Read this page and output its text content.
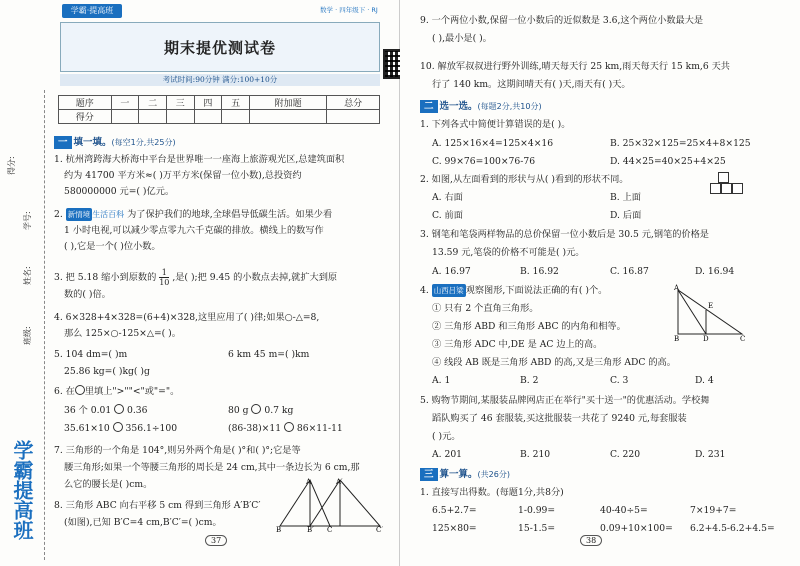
得分:
学号:
姓名:
班级:
学霸提高班
学霸·提高班	数学 · 四年级下 · RJ
期末提优测试卷
考试时间:90分钟 满分:100+10分
题序	一	二	三	四	五	附加题	总分
得分							
一 填一填。(每空1分,共25分)
1. 杭州湾跨海大桥海中平台是世界唯一一座海上旅游观光区,总建筑面积
约为 41700 平方米≈( )万平方米(保留一位小数),总投资约
580000000 元=( )亿元。
2. 新情境 生活百科 为了保护我们的地球,全球倡导低碳生活。如果少看
1 小时电视,可以减少零点零九六千克碳的排放。横线上的数写作
( ),它是一个( )位小数。
3. 把 5.18 缩小到原数的 $\frac{1}{10}$ ,是( );把 9.45 的小数点去掉,就扩大到原
数的( )倍。
4. 6×328+4×328=(6+4)×328,这里应用了( )律;如果○-△=8,
那么 125×○-125×△=( )。
5. 104 dm=( )m	6 km 45 m=( )km
25.86 kg=( )kg( )g
6. 在 里填上">""<"或"="。
36 个 0.01 0.36	80 g 0.7 kg
35.61×10 356.1÷100	(86-38)×11 86×11-11
7. 三角形的一个角是 104°,则另外两个角是( )°和( )°;它是等
腰三角形;如果一个等腰三角形的周长是 24 cm,其中一条边长为 6 cm,那
么它的腰长是( )cm。
8. 三角形 ABC 向右平移 5 cm 得到三角形 A′B′C′
(如图),已知 B′C=4 cm,B′C′=( )cm。
A	A′
B	B′ C	C′
37
9. 一个两位小数,保留一位小数后的近似数是 3.6,这个两位小数最大是
( ),最小是( )。
10. 解放军叔叔进行野外训练,晴天每天行 25 km,雨天每天行 15 km,6 天共
行了 140 km。这期间晴天有( )天,雨天有( )天。
二 选一选。(每题2分,共10分)
1. 下列各式中简便计算错误的是( )。
A. 125×16×4=125×4×16	B. 25×32×125=25×4+8×125
C. 99×76=100×76-76	D. 44×25=40×25+4×25
2. 如图,从左面看到的形状与从( )看到的形状不同。
A. 右面	B. 上面
C. 前面	D. 后面
3. 钢笔和笔袋两样物品的总价保留一位小数后是 30.5 元,钢笔的价格是
13.59 元,笔袋的价格不可能是( )元。
A. 16.97	B. 16.92	C. 16.87	D. 16.94
4. 山西吕梁 观察图形,下面说法正确的有( )个。
① 只有 2 个直角三角形。
② 三角形 ABD 和三角形 ABC 的内角和相等。
③ 三角形 ADC 中,DE 是 AC 边上的高。
④ 线段 AB 既是三角形 ABD 的高,又是三角形 ADC 的高。
A. 1	B. 2	C. 3	D. 4
A
E
B	D	C
5. 购物节期间,某服装品牌网店正在举行"买十送一"的优惠活动。学校舞
蹈队购买了 46 套服装,买这批服装一共花了 9240 元,每套服装
( )元。
A. 201	B. 210	C. 220	D. 231
三 算一算。(共26分)
1. 直接写出得数。(每题1分,共8分)
6.5+2.7=	1-0.99=	40-40÷5=	7×19+7=
125×80=	15-1.5=	0.09+10×100= 6.2+4.5-6.2+4.5=
38
